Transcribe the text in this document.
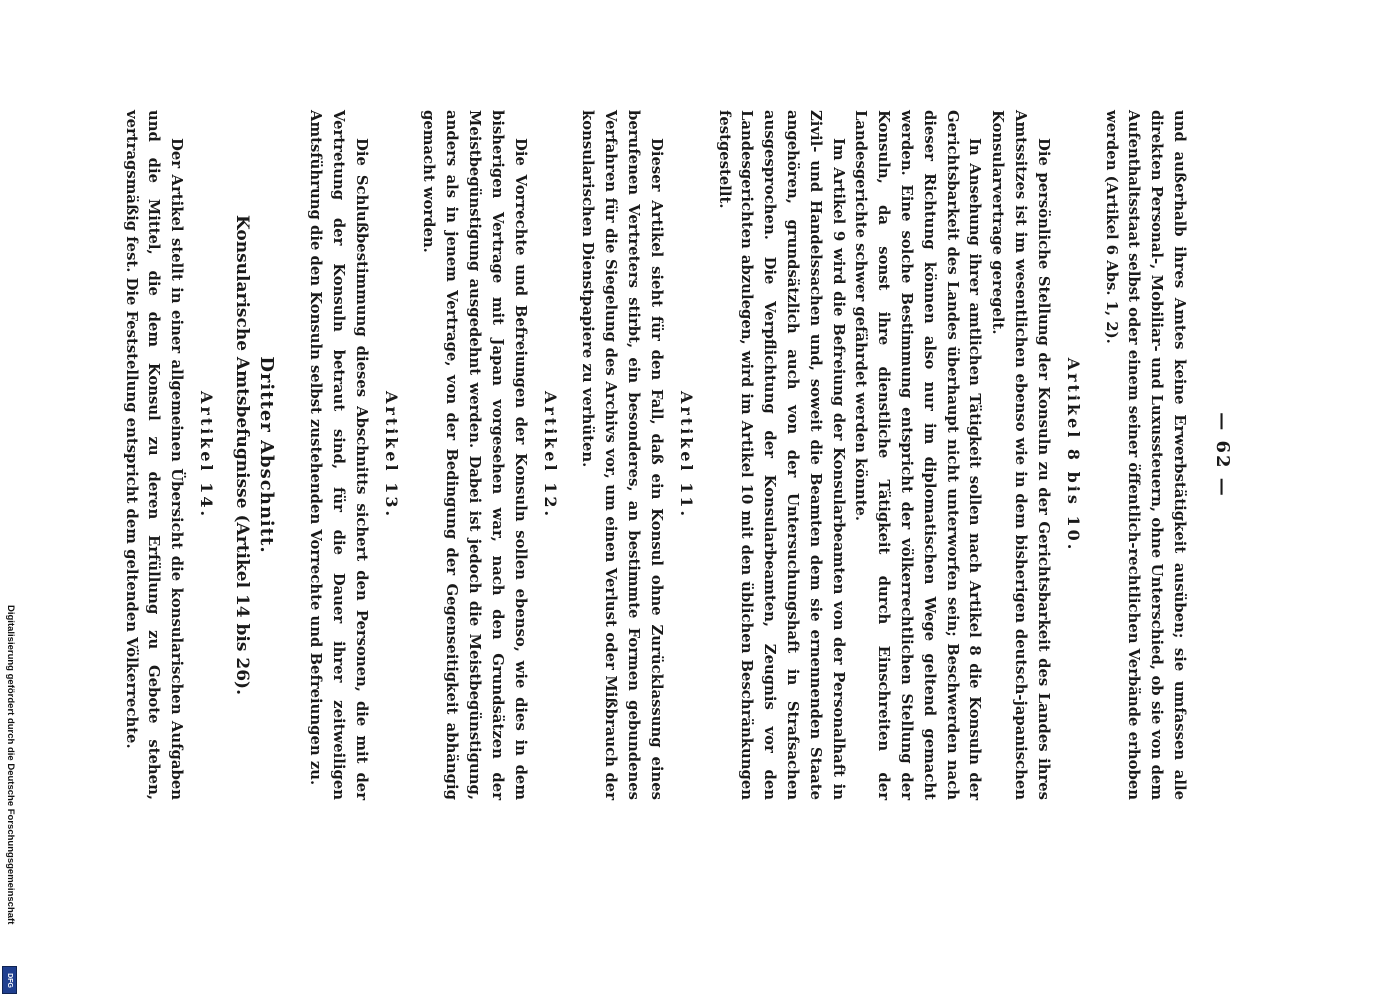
— 62 —

und außerhalb ihres Amtes keine Erwerbstätigkeit ausüben; sie umfassen alle direkten Personal-, Mobiliar- und Luxussteuern, ohne Unterschied, ob sie von dem Aufenthaltsstaat selbst oder einem seiner öffentlich-rechtlichen Verbände erhoben werden (Artikel 6 Abs. 1, 2).

Artikel 8 bis 10.

Die persönliche Stellung der Konsuln zu der Gerichtsbarkeit des Landes ihres Amtssitzes ist im wesentlichen ebenso wie in dem bisherigen deutsch-japanischen Konsularvertrage geregelt.

In Ansehung ihrer amtlichen Tätigkeit sollen nach Artikel 8 die Konsuln der Gerichtsbarkeit des Landes überhaupt nicht unterworfen sein; Beschwerden nach dieser Richtung können also nur im diplomatischen Wege geltend gemacht werden. Eine solche Bestimmung entspricht der völkerrechtlichen Stellung der Konsuln, da sonst ihre dienstliche Tätigkeit durch Einschreiten der Landesgerichte schwer gefährdet werden könnte.

Im Artikel 9 wird die Befreiung der Konsularbeamten von der Personalhaft in Zivil- und Handelssachen und, soweit die Beamten dem sie ernennenden Staate angehören, grundsätzlich auch von der Untersuchungshaft in Strafsachen ausgesprochen. Die Verpflichtung der Konsularbeamten, Zeugnis vor den Landesgerichten abzulegen, wird im Artikel 10 mit den üblichen Beschränkungen festgestellt.

Artikel 11.

Dieser Artikel sieht für den Fall, daß ein Konsul ohne Zurücklassung eines berufenen Vertreters stirbt, ein besonderes, an bestimmte Formen gebundenes Verfahren für die Siegelung des Archivs vor, um einen Verlust oder Mißbrauch der konsularischen Dienstpapiere zu verhüten.

Artikel 12.

Die Vorrechte und Befreiungen der Konsuln sollen ebenso, wie dies in dem bisherigen Vertrage mit Japan vorgesehen war, nach den Grundsätzen der Meistbegünstigung ausgedehnt werden. Dabei ist jedoch die Meistbegünstigung, anders als in jenem Vertrage, von der Bedingung der Gegenseitigkeit abhängig gemacht worden.

Artikel 13.

Die Schlußbestimmung dieses Abschnitts sichert den Personen, die mit der Vertretung der Konsuln betraut sind, für die Dauer ihrer zeitweiligen Amtsführung die den Konsuln selbst zustehenden Vorrechte und Befreiungen zu.

Dritter Abschnitt.
Konsularische Amtsbefugnisse (Artikel 14 bis 26).
Artikel 14.

Der Artikel stellt in einer allgemeinen Übersicht die konsularischen Aufgaben und die Mittel, die dem Konsul zu deren Erfüllung zu Gebote stehen, vertragsmäßig fest. Die Feststellung entspricht dem geltenden Völkerrechte.

Digitalisierung gefördert durch die Deutsche Forschungsgemeinschaft
DFG
